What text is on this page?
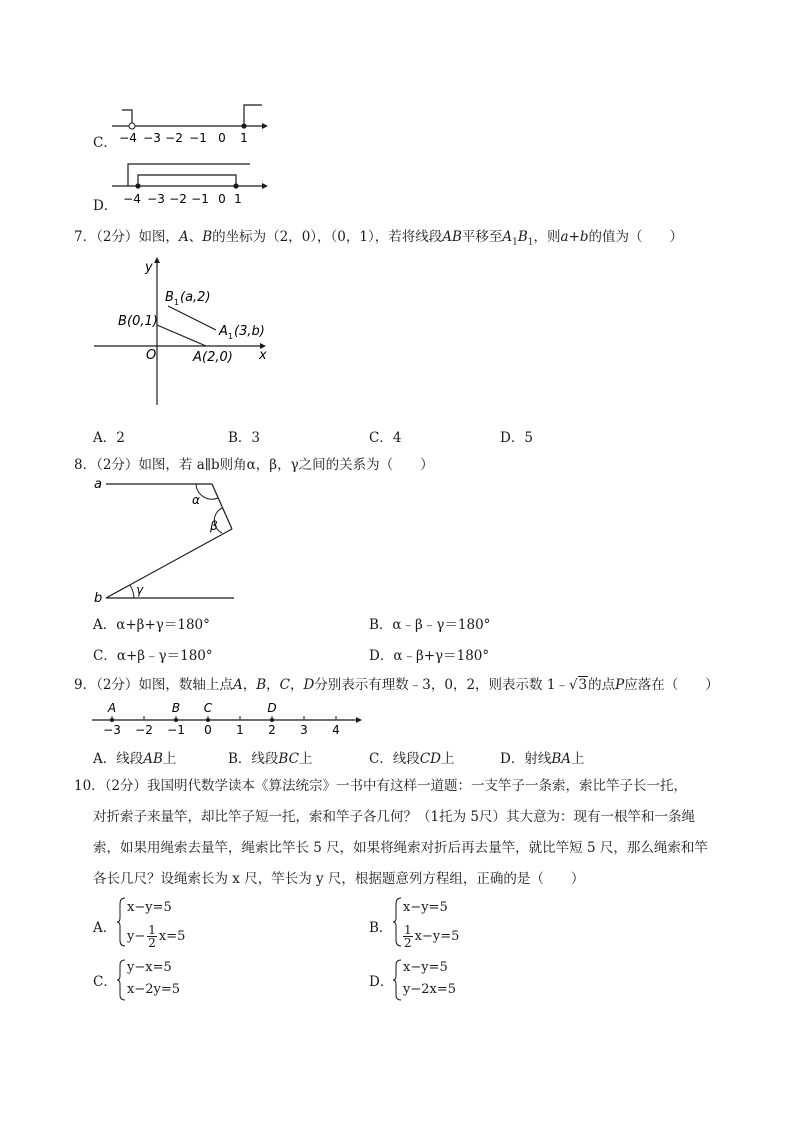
C． −4 −3 −2 −1 0 1
D． −4 −3 −2 −1 0 1
7．（2分）如图，A、B的坐标为（2，0），（0，1），若将线段AB平移至$A_1B_1$，则a+b的值为（　　）
y
x
O
B 1 (a,2)
A 1 (3,b)
B (0,1)
A (2,0)
A．2	B．3	C．4	D．5
8．（2分）如图，若 a∥b则角α，β，γ之间的关系为（　　）
a
b
α
β
γ
A．α+β+γ＝180°	B．α﹣β﹣γ＝180°
C．α+β﹣γ＝180°	D．α﹣β+γ＝180°
9．（2分）如图，数轴上点A，B，C，D分别表示有理数﹣3，0，2，则表示数 1﹣√3的点P应落在（　　）
A	B C	D
−3 −2 −1 0 1 2 3 4
A．线段AB上	B．线段BC上	C．线段CD上	D．射线BA上
10．（2分）我国明代数学读本《算法统宗》一书中有这样一道题：一支竿子一条索，索比竿子长一托，
对折索子来量竿，却比竿子短一托，索和竿子各几何？（1托为 5尺）其大意为：现有一根竿和一条绳
索，如果用绳索去量竿，绳索比竿长 5 尺，如果将绳索对折后再去量竿，就比竿短 5 尺，那么绳索和竿
各长几尺？设绳索长为 x 尺，竿长为 y 尺，根据题意列方程组，正确的是（　　）
A．
x−y=5
$y- \frac{1}{2} x=5$
B．
x−y=5
$\frac{1}{2} x-y=5$
C．
y−x=5
x−2y=5	D．
x−y=5
y−2x=5
